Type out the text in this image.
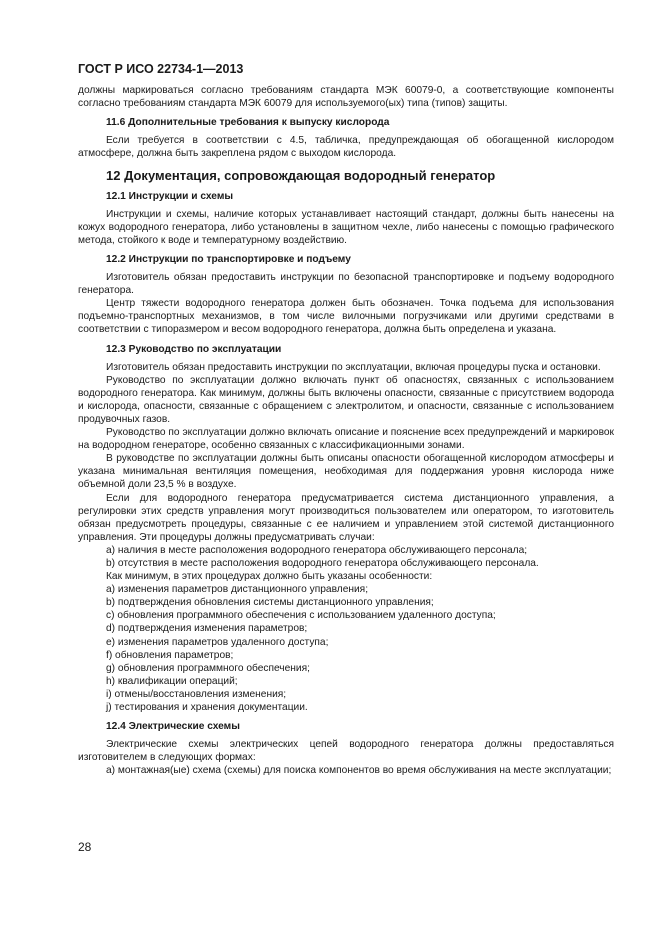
ГОСТ Р ИСО 22734-1—2013

должны маркироваться согласно требованиям стандарта МЭК 60079-0, а соответствующие компоненты согласно требованиям стандарта МЭК 60079 для используемого(ых) типа (типов) защиты.

11.6 Дополнительные требования к выпуску кислорода

Если требуется в соответствии с 4.5, табличка, предупреждающая об обогащенной кислородом атмосфере, должна быть закреплена рядом с выходом кислорода.

12 Документация, сопровождающая водородный генератор
12.1 Инструкции и схемы

Инструкции и схемы, наличие которых устанавливает настоящий стандарт, должны быть нанесены на кожух водородного генератора, либо установлены в защитном чехле, либо нанесены с помощью графического метода, стойкого к воде и температурному воздействию.

12.2 Инструкции по транспортировке и подъему

Изготовитель обязан предоставить инструкции по безопасной транспортировке и подъему водородного генератора.

Центр тяжести водородного генератора должен быть обозначен. Точка подъема для использования подъемно-транспортных механизмов, в том числе вилочными погрузчиками или другими средствами в соответствии с типоразмером и весом водородного генератора, должна быть определена и указана.

12.3 Руководство по эксплуатации

Изготовитель обязан предоставить инструкции по эксплуатации, включая процедуры пуска и остановки.

Руководство по эксплуатации должно включать пункт об опасностях, связанных с использованием водородного генератора. Как минимум, должны быть включены опасности, связанные с присутствием водорода и кислорода, опасности, связанные с обращением с электролитом, и опасности, связанные с использованием продувочных газов.

Руководство по эксплуатации должно включать описание и пояснение всех предупреждений и маркировок на водородном генераторе, особенно связанных с классификационными зонами.

В руководстве по эксплуатации должны быть описаны опасности обогащенной кислородом атмосферы и указана минимальная вентиляция помещения, необходимая для поддержания уровня кислорода ниже объемной доли 23,5 % в воздухе.

Если для водородного генератора предусматривается система дистанционного управления, а регулировки этих средств управления могут производиться пользователем или оператором, то изготовитель обязан предусмотреть процедуры, связанные с ее наличием и управлением этой системой дистанционного управления. Эти процедуры должны предусматривать случаи:

а) наличия в месте расположения водородного генератора обслуживающего персонала;

b) отсутствия в месте расположения водородного генератора обслуживающего персонала.

Как минимум, в этих процедурах должно быть указаны особенности:

а) изменения параметров дистанционного управления;

b) подтверждения обновления системы дистанционного управления;

с) обновления программного обеспечения с использованием удаленного доступа;

d) подтверждения изменения параметров;

е) изменения параметров удаленного доступа;

f) обновления параметров;

g) обновления программного обеспечения;

h) квалификации операций;

i) отмены/восстановления изменения;

j) тестирования и хранения документации.

12.4 Электрические схемы

Электрические схемы электрических цепей водородного генератора должны предоставляться изготовителем в следующих формах:

а) монтажная(ые) схема (схемы) для поиска компонентов во время обслуживания на месте эксплуатации;

28
